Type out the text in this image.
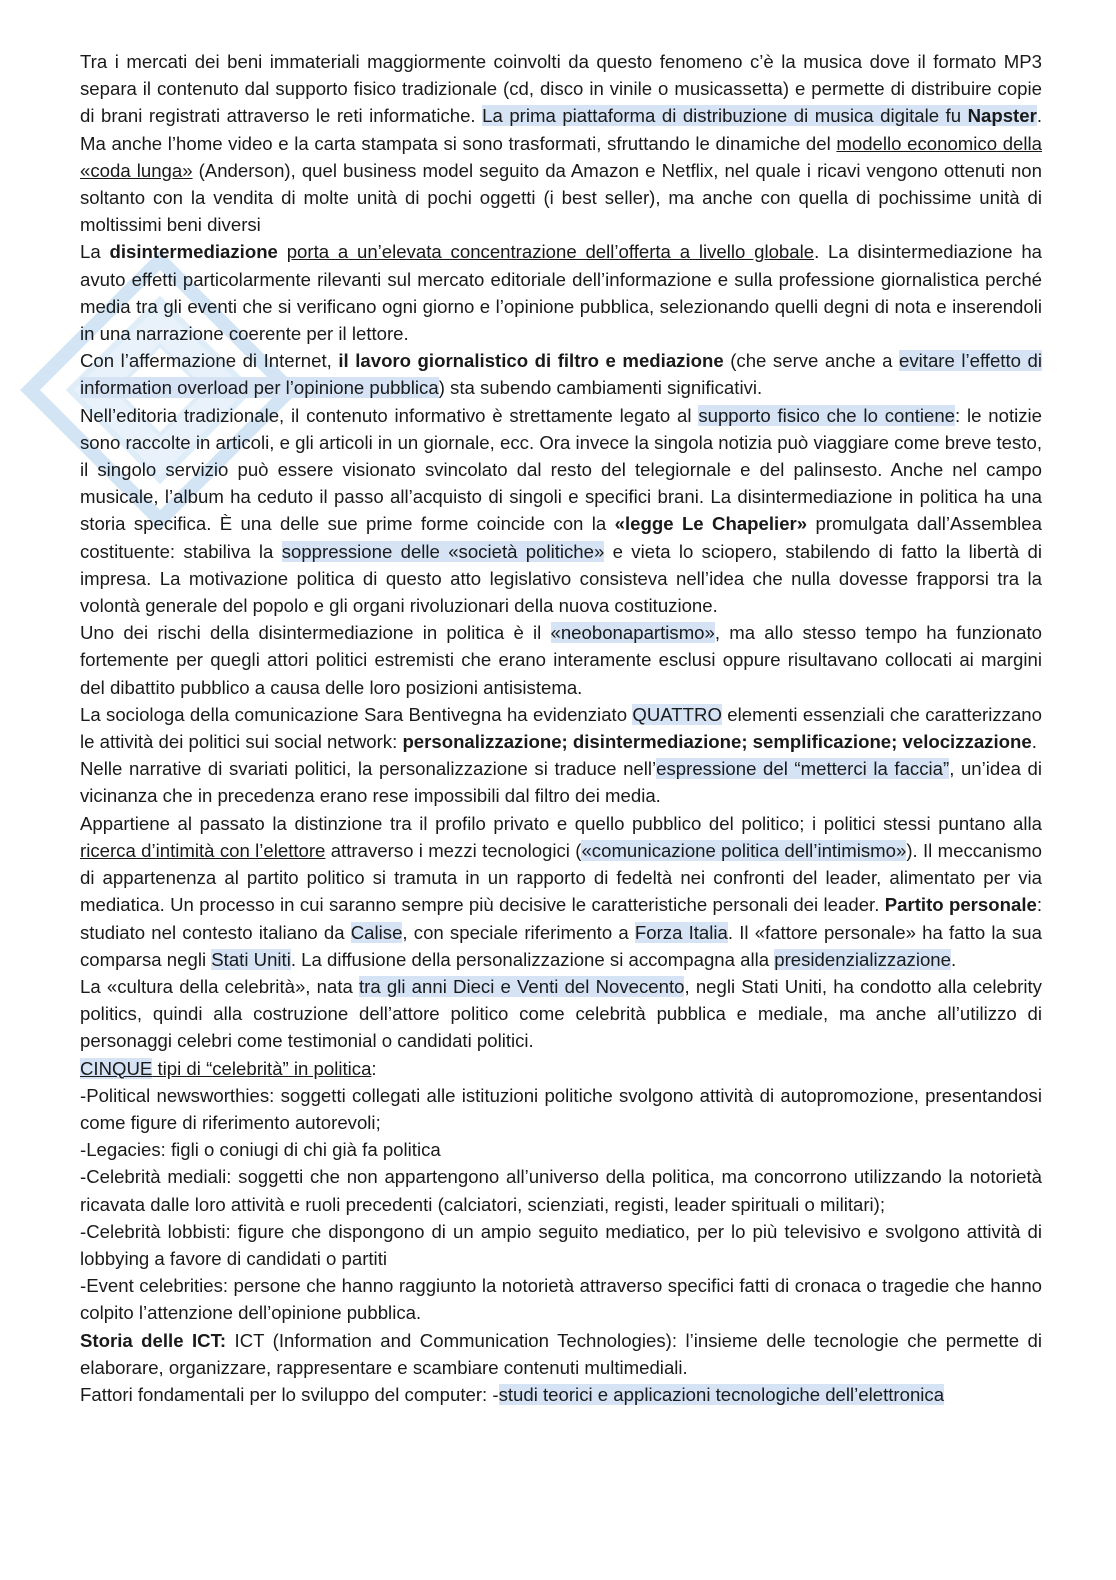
Tra i mercati dei beni immateriali maggiormente coinvolti da questo fenomeno c’è la musica dove il formato MP3 separa il contenuto dal supporto fisico tradizionale (cd, disco in vinile o musicassetta) e permette di distribuire copie di brani registrati attraverso le reti informatiche. La prima piattaforma di distribuzione di musica digitale fu Napster. Ma anche l’home video e la carta stampata si sono trasformati, sfruttando le dinamiche del modello economico della «coda lunga» (Anderson), quel business model seguito da Amazon e Netflix, nel quale i ricavi vengono ottenuti non soltanto con la vendita di molte unità di pochi oggetti (i best seller), ma anche con quella di pochissime unità di moltissimi beni diversi

La disintermediazione porta a un’elevata concentrazione dell’offerta a livello globale. La disintermediazione ha avuto effetti particolarmente rilevanti sul mercato editoriale dell’informazione e sulla professione giornalistica perché media tra gli eventi che si verificano ogni giorno e l’opinione pubblica, selezionando quelli degni di nota e inserendoli in una narrazione coerente per il lettore.

Con l’affermazione di Internet, il lavoro giornalistico di filtro e mediazione (che serve anche a evitare l’effetto di information overload per l’opinione pubblica) sta subendo cambiamenti significativi.

Nell’editoria tradizionale, il contenuto informativo è strettamente legato al supporto fisico che lo contiene: le notizie sono raccolte in articoli, e gli articoli in un giornale, ecc. Ora invece la singola notizia può viaggiare come breve testo, il singolo servizio può essere visionato svincolato dal resto del telegiornale e del palinsesto. Anche nel campo musicale, l’album ha ceduto il passo all’acquisto di singoli e specifici brani. La disintermediazione in politica ha una storia specifica. È una delle sue prime forme coincide con la «legge Le Chapelier» promulgata dall’Assemblea costituente: stabiliva la soppressione delle «società politiche» e vieta lo sciopero, stabilendo di fatto la libertà di impresa. La motivazione politica di questo atto legislativo consisteva nell’idea che nulla dovesse frapporsi tra la volontà generale del popolo e gli organi rivoluzionari della nuova costituzione.

Uno dei rischi della disintermediazione in politica è il «neobonapartismo», ma allo stesso tempo ha funzionato fortemente per quegli attori politici estremisti che erano interamente esclusi oppure risultavano collocati ai margini del dibattito pubblico a causa delle loro posizioni antisistema.

La sociologa della comunicazione Sara Bentivegna ha evidenziato QUATTRO elementi essenziali che caratterizzano le attività dei politici sui social network: personalizzazione; disintermediazione; semplificazione; velocizzazione.

Nelle narrative di svariati politici, la personalizzazione si traduce nell’espressione del “metterci la faccia”, un’idea di vicinanza che in precedenza erano rese impossibili dal filtro dei media.

Appartiene al passato la distinzione tra il profilo privato e quello pubblico del politico; i politici stessi puntano alla ricerca d’intimità con l’elettore attraverso i mezzi tecnologici («comunicazione politica dell’intimismo»). Il meccanismo di appartenenza al partito politico si tramuta in un rapporto di fedeltà nei confronti del leader, alimentato per via mediatica. Un processo in cui saranno sempre più decisive le caratteristiche personali dei leader. Partito personale: studiato nel contesto italiano da Calise, con speciale riferimento a Forza Italia. Il «fattore personale» ha fatto la sua comparsa negli Stati Uniti. La diffusione della personalizzazione si accompagna alla presidenzializzazione.

La «cultura della celebrità», nata tra gli anni Dieci e Venti del Novecento, negli Stati Uniti, ha condotto alla celebrity politics, quindi alla costruzione dell’attore politico come celebrità pubblica e mediale, ma anche all’utilizzo di personaggi celebri come testimonial o candidati politici.

CINQUE tipi di “celebrità” in politica:

-Political newsworthies: soggetti collegati alle istituzioni politiche svolgono attività di autopromozione, presentandosi come figure di riferimento autorevoli;

-Legacies: figli o coniugi di chi già fa politica

-Celebrità mediali: soggetti che non appartengono all’universo della politica, ma concorrono utilizzando la notorietà ricavata dalle loro attività e ruoli precedenti (calciatori, scienziati, registi, leader spirituali o militari);

-Celebrità lobbisti: figure che dispongono di un ampio seguito mediatico, per lo più televisivo e svolgono attività di lobbying a favore di candidati o partiti

-Event celebrities: persone che hanno raggiunto la notorietà attraverso specifici fatti di cronaca o tragedie che hanno colpito l’attenzione dell’opinione pubblica.

Storia delle ICT: ICT (Information and Communication Technologies): l’insieme delle tecnologie che permette di elaborare, organizzare, rappresentare e scambiare contenuti multimediali.

Fattori fondamentali per lo sviluppo del computer: -studi teorici e applicazioni tecnologiche dell’elettronica
